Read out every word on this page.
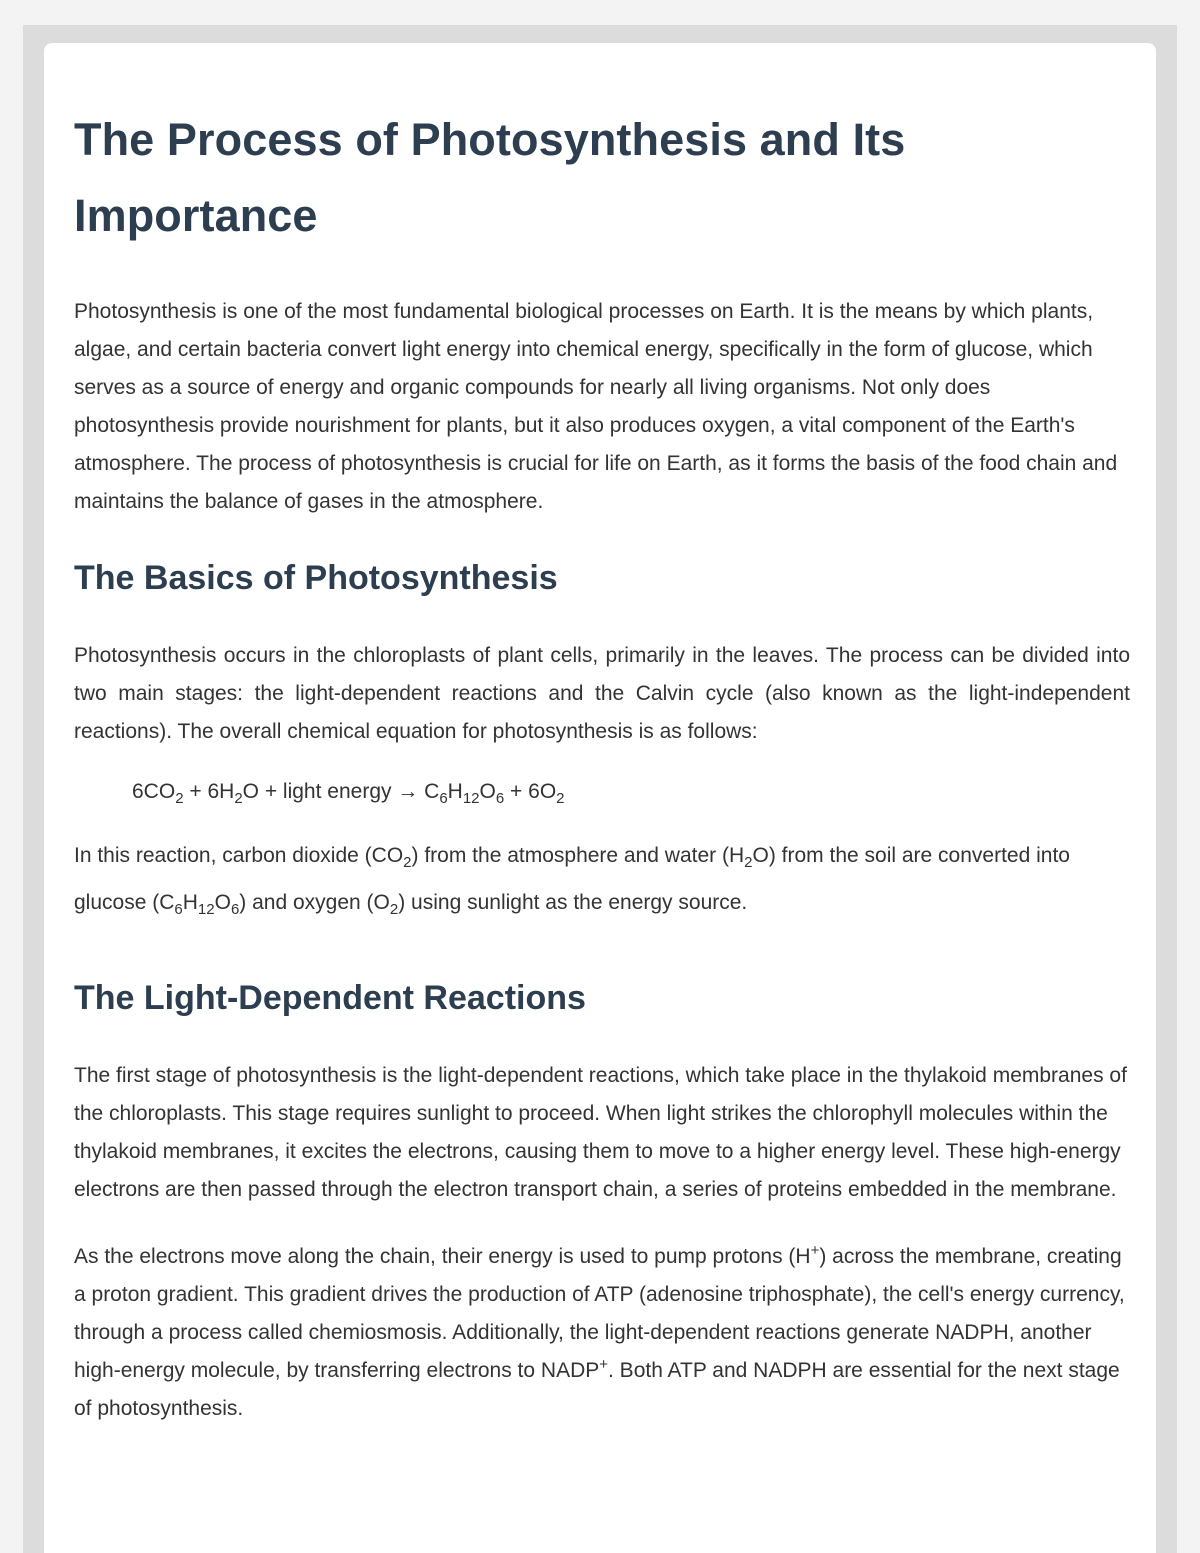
The Process of Photosynthesis and Its Importance

Photosynthesis is one of the most fundamental biological processes on Earth. It is the means by which plants, algae, and certain bacteria convert light energy into chemical energy, specifically in the form of glucose, which serves as a source of energy and organic compounds for nearly all living organisms. Not only does photosynthesis provide nourishment for plants, but it also produces oxygen, a vital component of the Earth's atmosphere. The process of photosynthesis is crucial for life on Earth, as it forms the basis of the food chain and maintains the balance of gases in the atmosphere.

The Basics of Photosynthesis

Photosynthesis occurs in the chloroplasts of plant cells, primarily in the leaves. The process can be divided into two main stages: the light-dependent reactions and the Calvin cycle (also known as the light-independent reactions). The overall chemical equation for photosynthesis is as follows:

$6CO_2 + 6H_2O$ + light energy → $C_6H_{12}O_6 + 6O_2$

In this reaction, carbon dioxide $(CO_2)$ from the atmosphere and water $(H_2O)$ from the soil are converted into glucose $(C_6H_{12}O_6)$ and oxygen $(O_2)$ using sunlight as the energy source.

The Light-Dependent Reactions

The first stage of photosynthesis is the light-dependent reactions, which take place in the thylakoid membranes of the chloroplasts. This stage requires sunlight to proceed. When light strikes the chlorophyll molecules within the thylakoid membranes, it excites the electrons, causing them to move to a higher energy level. These high-energy electrons are then passed through the electron transport chain, a series of proteins embedded in the membrane.

As the electrons move along the chain, their energy is used to pump protons (H+) across the membrane, creating a proton gradient. This gradient drives the production of ATP (adenosine triphosphate), the cell's energy currency, through a process called chemiosmosis. Additionally, the light-dependent reactions generate NADPH, another high-energy molecule, by transferring electrons to NADP+. Both ATP and NADPH are essential for the next stage of photosynthesis.
